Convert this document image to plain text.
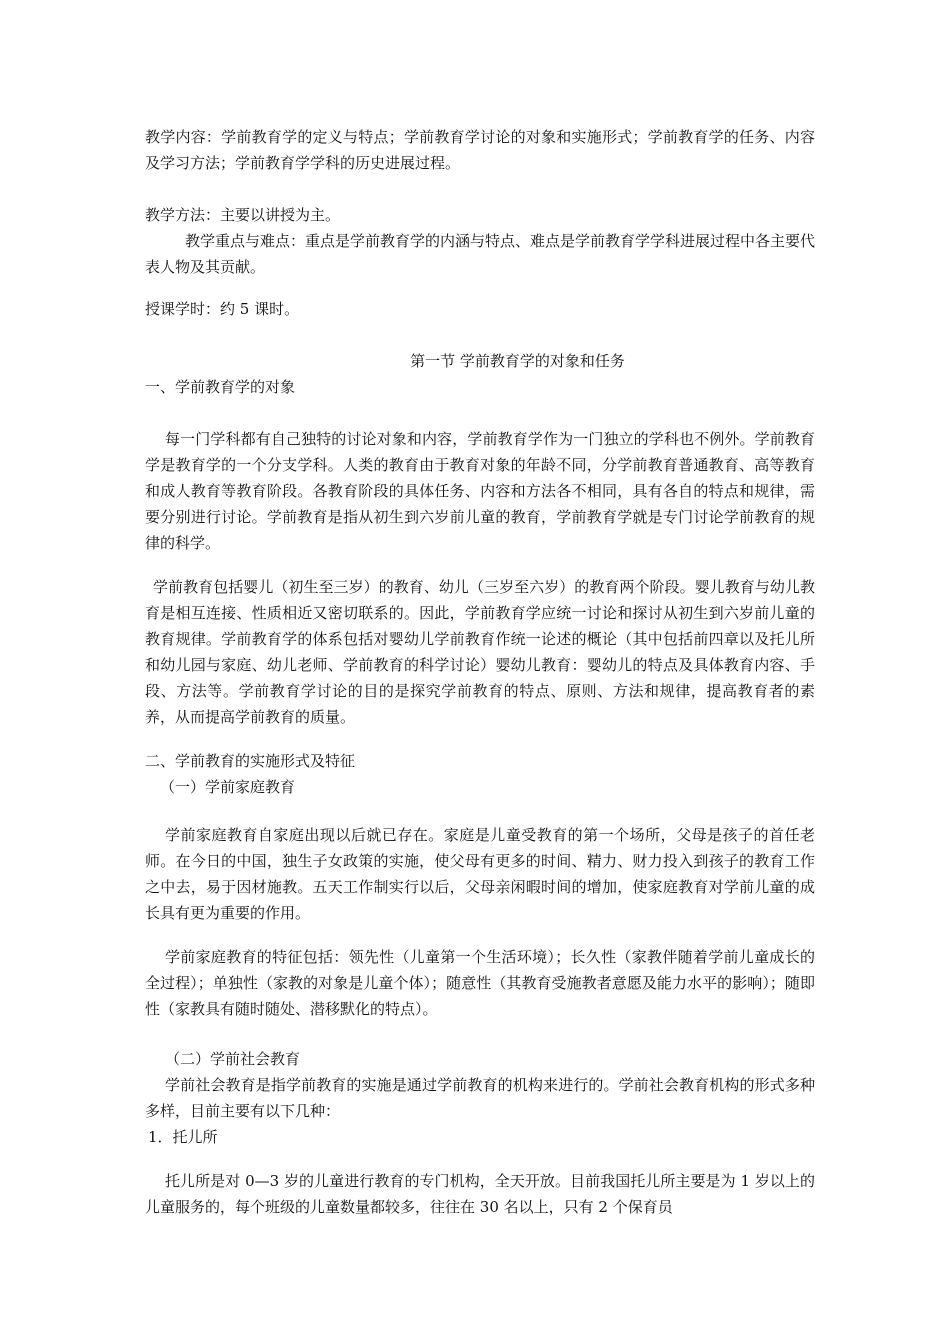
教学内容：学前教育学的定义与特点；学前教育学讨论的对象和实施形式；学前教育学的任务、内容及学习方法；学前教育学学科的历史进展过程。

教学方法：主要以讲授为主。

教学重点与难点：重点是学前教育学的内涵与特点、难点是学前教育学学科进展过程中各主要代表人物及其贡献。

授课学时：约 5 课时。

第一节 学前教育学的对象和任务

一、学前教育学的对象

每一门学科都有自己独特的讨论对象和内容，学前教育学作为一门独立的学科也不例外。学前教育学是教育学的一个分支学科。人类的教育由于教育对象的年龄不同，分学前教育普通教育、高等教育和成人教育等教育阶段。各教育阶段的具体任务、内容和方法各不相同，具有各自的特点和规律，需要分别进行讨论。学前教育是指从初生到六岁前儿童的教育，学前教育学就是专门讨论学前教育的规律的科学。

学前教育包括婴儿（初生至三岁）的教育、幼儿（三岁至六岁）的教育两个阶段。婴儿教育与幼儿教育是相互连接、性质相近又密切联系的。因此，学前教育学应统一讨论和探讨从初生到六岁前儿童的教育规律。学前教育学的体系包括对婴幼儿学前教育作统一论述的概论（其中包括前四章以及托儿所和幼儿园与家庭、幼儿老师、学前教育的科学讨论）婴幼儿教育：婴幼儿的特点及具体教育内容、手段、方法等。学前教育学讨论的目的是探究学前教育的特点、原则、方法和规律，提高教育者的素养，从而提高学前教育的质量。

二、学前教育的实施形式及特征

（一）学前家庭教育

学前家庭教育自家庭出现以后就已存在。家庭是儿童受教育的第一个场所，父母是孩子的首任老师。在今日的中国，独生子女政策的实施，使父母有更多的时间、精力、财力投入到孩子的教育工作之中去，易于因材施教。五天工作制实行以后，父母亲闲暇时间的增加，使家庭教育对学前儿童的成长具有更为重要的作用。

学前家庭教育的特征包括：领先性（儿童第一个生活环境）；长久性（家教伴随着学前儿童成长的全过程）；单独性（家教的对象是儿童个体）；随意性（其教育受施教者意愿及能力水平的影响）；随即性（家教具有随时随处、潜移默化的特点）。

（二）学前社会教育

学前社会教育是指学前教育的实施是通过学前教育的机构来进行的。学前社会教育机构的形式多种多样，目前主要有以下几种：

1．托儿所

托儿所是对 0—3 岁的儿童进行教育的专门机构，全天开放。目前我国托儿所主要是为 1 岁以上的儿童服务的，每个班级的儿童数量都较多，往往在 30 名以上，只有 2 个保育员
